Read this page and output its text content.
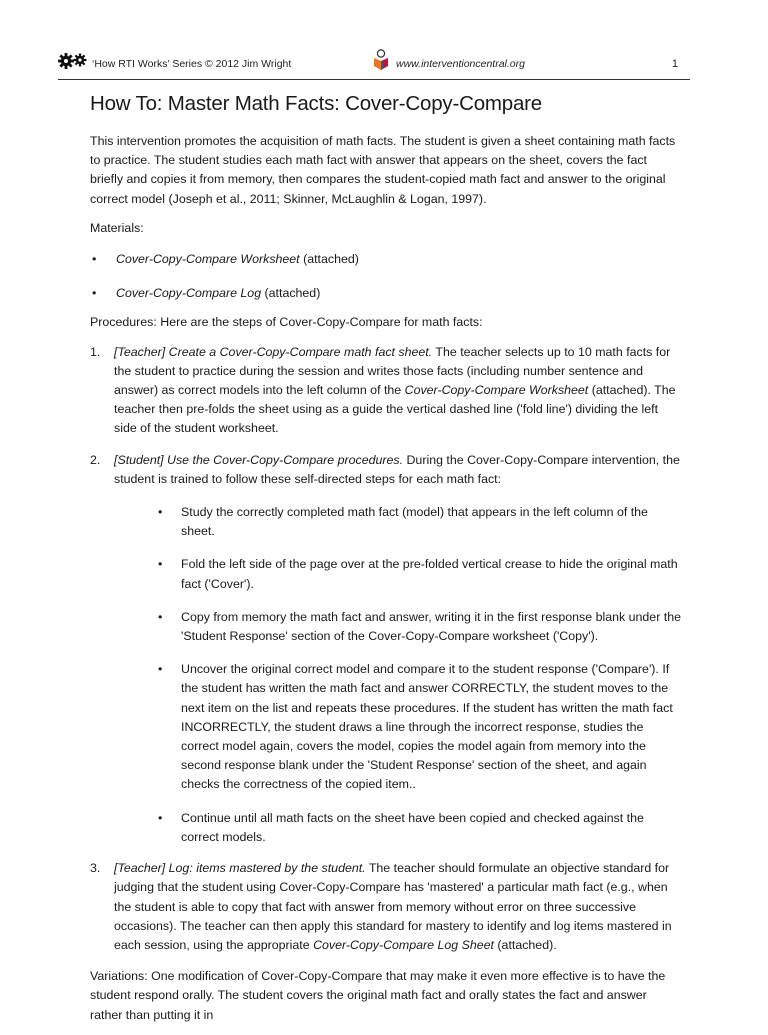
‘How RTI Works’ Series © 2012 Jim Wright	www.interventioncentral.org	1
How To: Master Math Facts: Cover-Copy-Compare

This intervention promotes the acquisition of math facts. The student is given a sheet containing math facts to practice. The student studies each math fact with answer that appears on the sheet, covers the fact briefly and copies it from memory, then compares the student-copied math fact and answer to the original correct model (Joseph et al., 2011; Skinner, McLaughlin & Logan, 1997).

Materials:

• Cover-Copy-Compare Worksheet (attached)
• Cover-Copy-Compare Log (attached)

Procedures: Here are the steps of Cover-Copy-Compare for math facts:

1. [Teacher] Create a Cover-Copy-Compare math fact sheet. The teacher selects up to 10 math facts for the student to practice during the session and writes those facts (including number sentence and answer) as correct models into the left column of the Cover-Copy-Compare Worksheet (attached). The teacher then pre-folds the sheet using as a guide the vertical dashed line ('fold line') dividing the left side of the student worksheet.
2. [Student] Use the Cover-Copy-Compare procedures. During the Cover-Copy-Compare intervention, the student is trained to follow these self-directed steps for each math fact:
• Study the correctly completed math fact (model) that appears in the left column of the sheet.
• Fold the left side of the page over at the pre-folded vertical crease to hide the original math fact ('Cover').
• Copy from memory the math fact and answer, writing it in the first response blank under the 'Student Response' section of the Cover-Copy-Compare worksheet ('Copy').
• Uncover the original correct model and compare it to the student response ('Compare'). If the student has written the math fact and answer CORRECTLY, the student moves to the next item on the list and repeats these procedures. If the student has written the math fact INCORRECTLY, the student draws a line through the incorrect response, studies the correct model again, covers the model, copies the model again from memory into the second response blank under the 'Student Response' section of the sheet, and again checks the correctness of the copied item..
• Continue until all math facts on the sheet have been copied and checked against the correct models.
3. [Teacher] Log: items mastered by the student. The teacher should formulate an objective standard for judging that the student using Cover-Copy-Compare has 'mastered' a particular math fact (e.g., when the student is able to copy that fact with answer from memory without error on three successive occasions). The teacher can then apply this standard for mastery to identify and log items mastered in each session, using the appropriate Cover-Copy-Compare Log Sheet (attached).

Variations: One modification of Cover-Copy-Compare that may make it even more effective is to have the student respond orally. The student covers the original math fact and orally states the fact and answer rather than putting it in
